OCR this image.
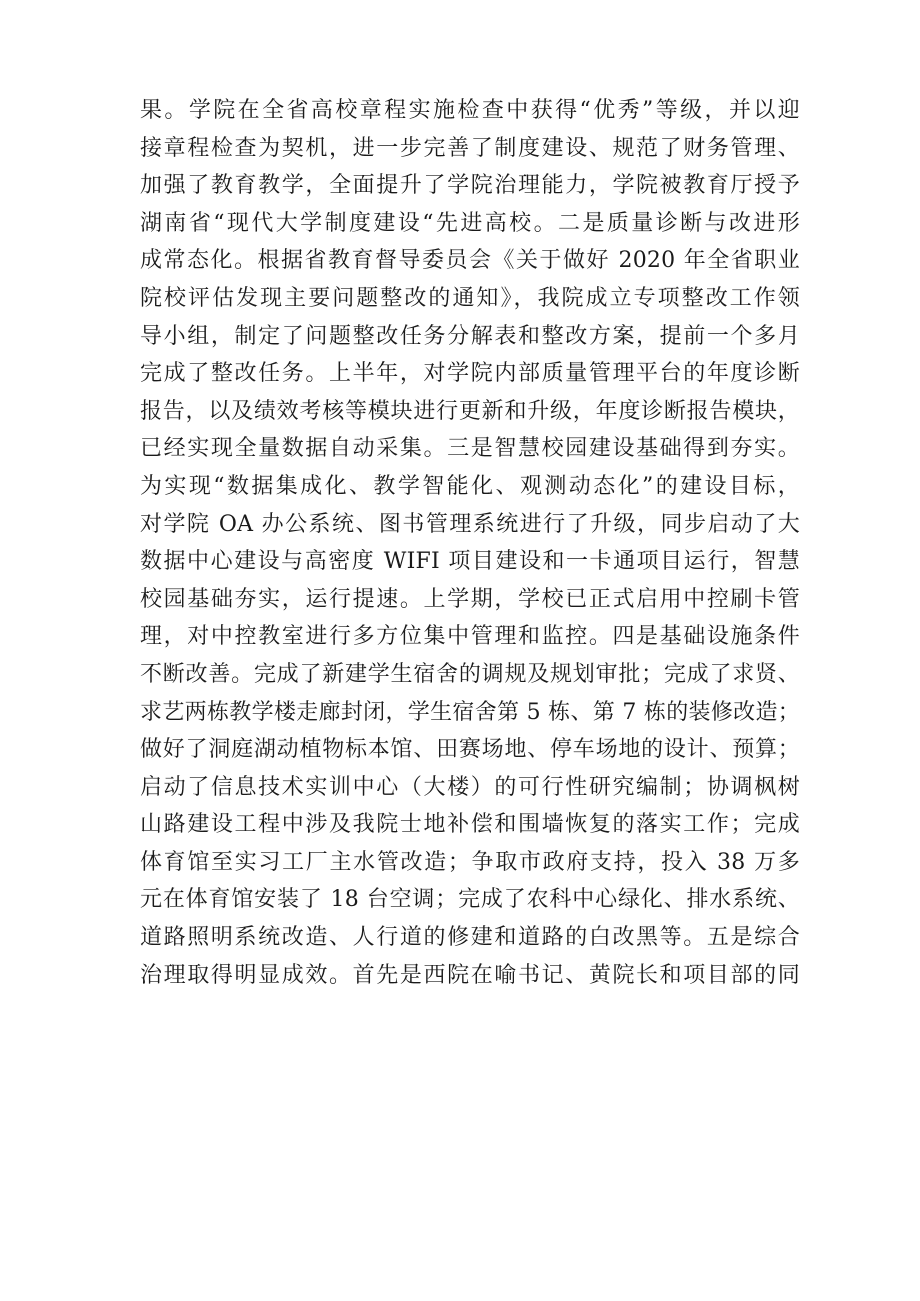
果。学院在全省高校章程实施检查中获得“优秀”等级，并以迎
接章程检查为契机，进一步完善了制度建设、规范了财务管理、
加强了教育教学，全面提升了学院治理能力，学院被教育厅授予
湖南省“现代大学制度建设“先进高校。二是质量诊断与改进形
成常态化。根据省教育督导委员会《关于做好 2020 年全省职业
院校评估发现主要问题整改的通知》，我院成立专项整改工作领
导小组，制定了问题整改任务分解表和整改方案，提前一个多月
完成了整改任务。上半年，对学院内部质量管理平台的年度诊断
报告，以及绩效考核等模块进行更新和升级，年度诊断报告模块，
已经实现全量数据自动采集。三是智慧校园建设基础得到夯实。
为实现“数据集成化、教学智能化、观测动态化”的建设目标，
对学院 OA 办公系统、图书管理系统进行了升级，同步启动了大
数据中心建设与高密度 WIFI 项目建设和一卡通项目运行，智慧
校园基础夯实，运行提速。上学期，学校已正式启用中控刷卡管
理，对中控教室进行多方位集中管理和监控。四是基础设施条件
不断改善。完成了新建学生宿舍的调规及规划审批；完成了求贤、
求艺两栋教学楼走廊封闭，学生宿舍第 5 栋、第 7 栋的装修改造；
做好了洞庭湖动植物标本馆、田赛场地、停车场地的设计、预算；
启动了信息技术实训中心（大楼）的可行性研究编制；协调枫树
山路建设工程中涉及我院士地补偿和围墙恢复的落实工作；完成
体育馆至实习工厂主水管改造；争取市政府支持，投入 38 万多
元在体育馆安装了 18 台空调；完成了农科中心绿化、排水系统、
道路照明系统改造、人行道的修建和道路的白改黑等。五是综合
治理取得明显成效。首先是西院在喻书记、黄院长和项目部的同
